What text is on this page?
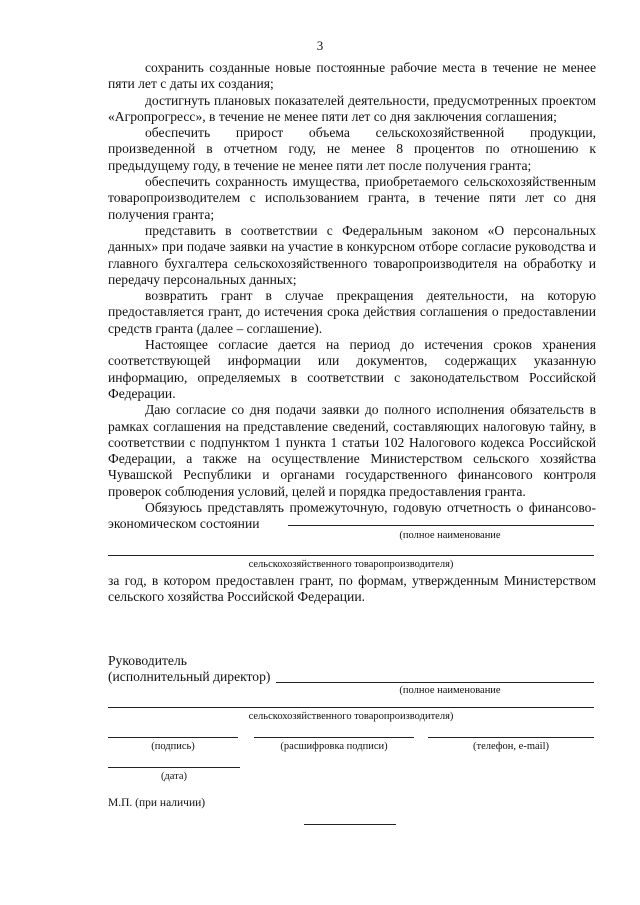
3

сохранить созданные новые постоянные рабочие места в течение не менее пяти лет с даты их создания;

достигнуть плановых показателей деятельности, предусмотренных проектом «Агропрогресс», в течение не менее пяти лет со дня заключения соглашения;

обеспечить прирост объема сельскохозяйственной продукции, произведенной в отчетном году, не менее 8 процентов по отношению к предыдущему году, в течение не менее пяти лет после получения гранта;

обеспечить сохранность имущества, приобретаемого сельскохозяйственным товаропроизводителем с использованием гранта, в течение пяти лет со дня получения гранта;

представить в соответствии с Федеральным законом «О персональных данных» при подаче заявки на участие в конкурсном отборе согласие руководства и главного бухгалтера сельскохозяйственного товаропроизводителя на обработку и передачу персональных данных;

возвратить грант в случае прекращения деятельности, на которую предоставляется грант, до истечения срока действия соглашения о предоставлении средств гранта (далее – соглашение).

Настоящее согласие дается на период до истечения сроков хранения соответствующей информации или документов, содержащих указанную информацию, определяемых в соответствии с законодательством Российской Федерации.

Даю согласие со дня подачи заявки до полного исполнения обязательств в рамках соглашения на представление сведений, составляющих налоговую тайну, в соответствии с подпунктом 1 пункта 1 статьи 102 Налогового кодекса Российской Федерации, а также на осуществление Министерством сельского хозяйства Чувашской Республики и органами государственного финансового контроля проверок соблюдения условий, целей и порядка предоставления гранта.

Обязуюсь представлять промежуточную, годовую отчетность о финансово-экономическом состоянии

(полное наименование
сельскохозяйственного товаропроизводителя)
за год, в котором предоставлен грант, по формам, утвержденным Министерством сельского хозяйства Российской Федерации.
Руководитель
(исполнительный директор)
(полное наименование
сельскохозяйственного товаропроизводителя)
(подпись)	(расшифровка подписи)	(телефон, e-mail)
(дата)
М.П. (при наличии)
